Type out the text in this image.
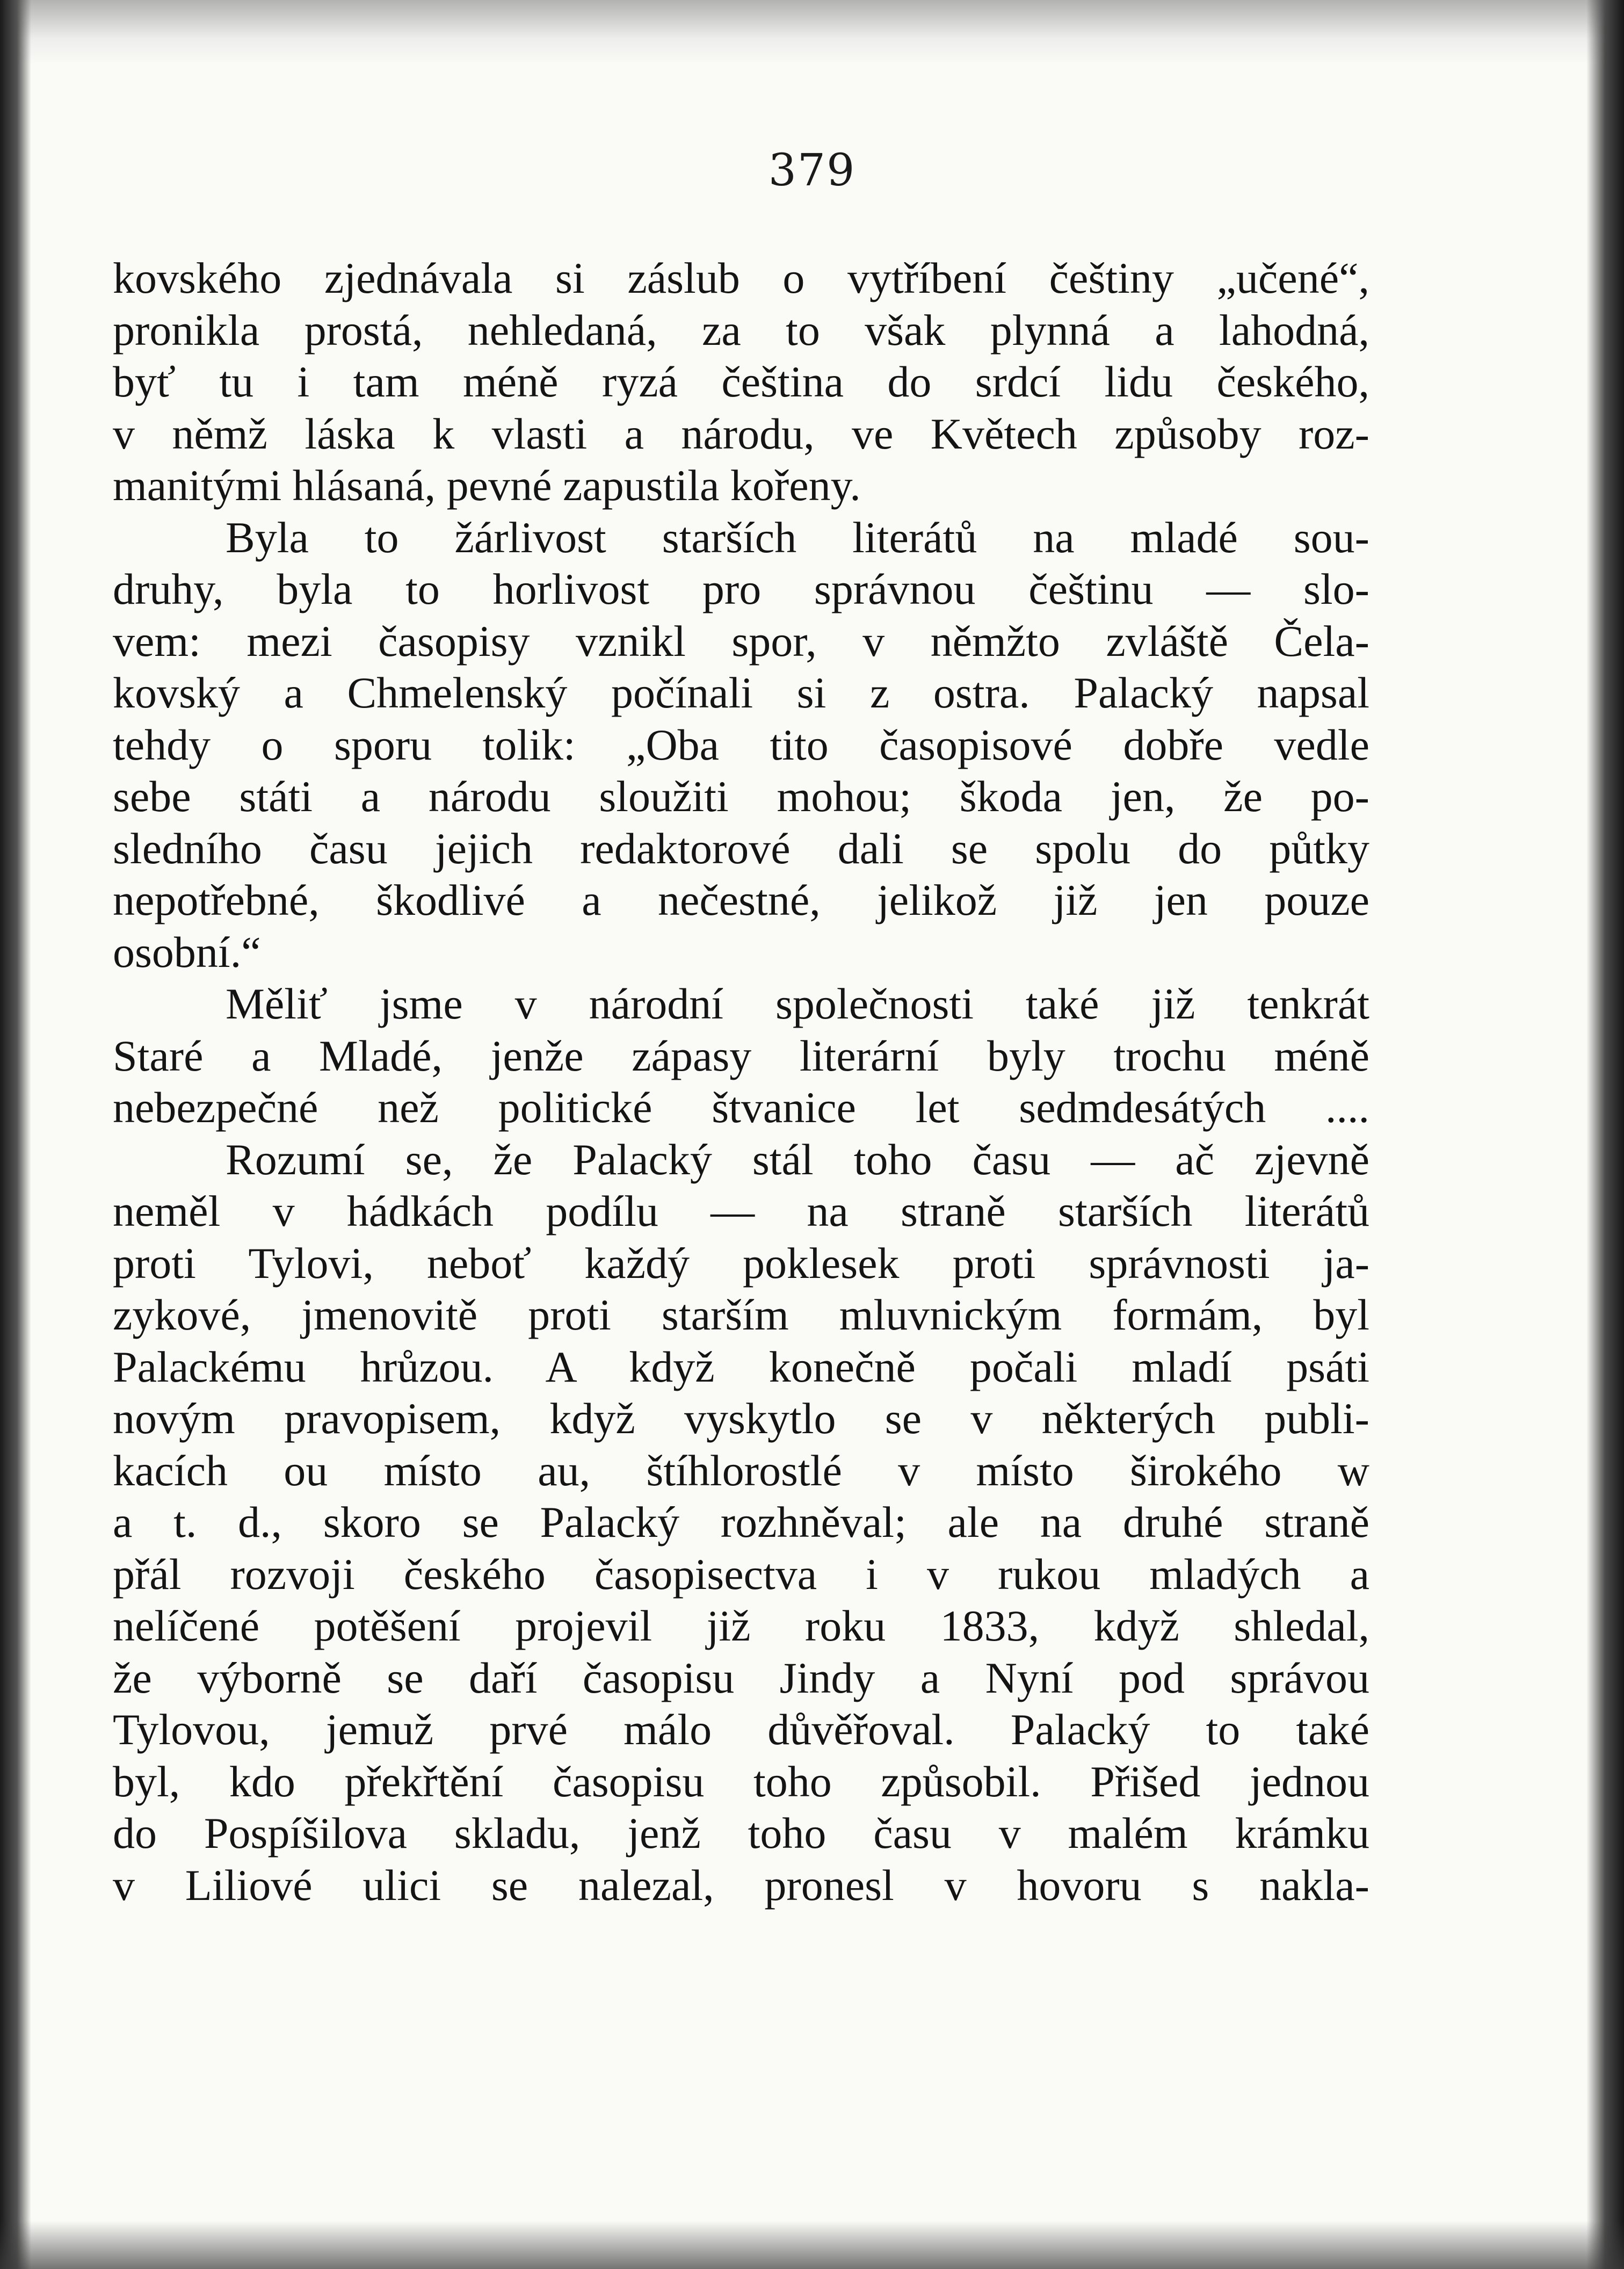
379
kovského zjednávala si záslub o vytříbení češtiny „učené“,
pronikla prostá, nehledaná, za to však plynná a lahodná,
byť tu i tam méně ryzá čeština do srdcí lidu českého,
v němž láska k vlasti a národu, ve Květech způsoby roz-
manitými hlásaná, pevné zapustila kořeny.
Byla to žárlivost starších literátů na mladé sou-
druhy, byla to horlivost pro správnou češtinu — slo-
vem: mezi časopisy vznikl spor, v němžto zvláště Čela-
kovský a Chmelenský počínali si z ostra. Palacký napsal
tehdy o sporu tolik: „Oba tito časopisové dobře vedle
sebe státi a národu sloužiti mohou; škoda jen, že po-
sledního času jejich redaktorové dali se spolu do půtky
nepotřebné, škodlivé a nečestné, jelikož již jen pouze
osobní.“
Měliť jsme v národní společnosti také již tenkrát
Staré a Mladé, jenže zápasy literární byly trochu méně
nebezpečné než politické štvanice let sedmdesátých ....
Rozumí se, že Palacký stál toho času — ač zjevně
neměl v hádkách podílu — na straně starších literátů
proti Tylovi, neboť každý poklesek proti správnosti ja-
zykové, jmenovitě proti starším mluvnickým formám, byl
Palackému hrůzou. A když konečně počali mladí psáti
novým pravopisem, když vyskytlo se v některých publi-
kacích ou místo au, štíhlorostlé v místo širokého w
a t. d., skoro se Palacký rozhněval; ale na druhé straně
přál rozvoji českého časopisectva i v rukou mladých a
nelíčené potěšení projevil již roku 1833, když shledal,
že výborně se daří časopisu Jindy a Nyní pod správou
Tylovou, jemuž prvé málo důvěřoval. Palacký to také
byl, kdo překřtění časopisu toho způsobil. Přišed jednou
do Pospíšilova skladu, jenž toho času v malém krámku
v Liliové ulici se nalezal, pronesl v hovoru s nakla-
